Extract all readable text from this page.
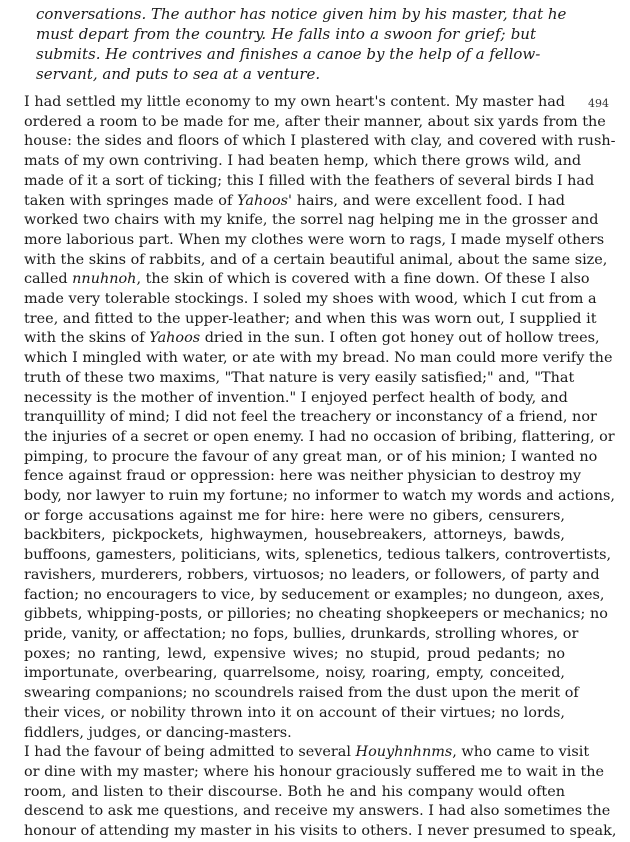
conversations. The author has notice given him by his master, that he
must depart from the country. He falls into a swoon for grief; but
submits. He contrives and finishes a canoe by the help of a fellow-
servant, and puts to sea at a venture.
494
I had settled my little economy to my own heart's content. My master had
ordered a room to be made for me, after their manner, about six yards from the
house: the sides and floors of which I plastered with clay, and covered with rush-
mats of my own contriving. I had beaten hemp, which there grows wild, and
made of it a sort of ticking; this I filled with the feathers of several birds I had
taken with springes made of Yahoos' hairs, and were excellent food. I had
worked two chairs with my knife, the sorrel nag helping me in the grosser and
more laborious part. When my clothes were worn to rags, I made myself others
with the skins of rabbits, and of a certain beautiful animal, about the same size,
called nnuhnoh, the skin of which is covered with a fine down. Of these I also
made very tolerable stockings. I soled my shoes with wood, which I cut from a
tree, and fitted to the upper-leather; and when this was worn out, I supplied it
with the skins of Yahoos dried in the sun. I often got honey out of hollow trees,
which I mingled with water, or ate with my bread. No man could more verify the
truth of these two maxims, "That nature is very easily satisfied;" and, "That
necessity is the mother of invention." I enjoyed perfect health of body, and
tranquillity of mind; I did not feel the treachery or inconstancy of a friend, nor
the injuries of a secret or open enemy. I had no occasion of bribing, flattering, or
pimping, to procure the favour of any great man, or of his minion; I wanted no
fence against fraud or oppression: here was neither physician to destroy my
body, nor lawyer to ruin my fortune; no informer to watch my words and actions,
or forge accusations against me for hire: here were no gibers, censurers,
backbiters, pickpockets, highwaymen, housebreakers, attorneys, bawds,
buffoons, gamesters, politicians, wits, splenetics, tedious talkers, controvertists,
ravishers, murderers, robbers, virtuosos; no leaders, or followers, of party and
faction; no encouragers to vice, by seducement or examples; no dungeon, axes,
gibbets, whipping-posts, or pillories; no cheating shopkeepers or mechanics; no
pride, vanity, or affectation; no fops, bullies, drunkards, strolling whores, or
poxes; no ranting, lewd, expensive wives; no stupid, proud pedants; no
importunate, overbearing, quarrelsome, noisy, roaring, empty, conceited,
swearing companions; no scoundrels raised from the dust upon the merit of
their vices, or nobility thrown into it on account of their virtues; no lords,
fiddlers, judges, or dancing-masters.
I had the favour of being admitted to several Houyhnhnms, who came to visit
or dine with my master; where his honour graciously suffered me to wait in the
room, and listen to their discourse. Both he and his company would often
descend to ask me questions, and receive my answers. I had also sometimes the
honour of attending my master in his visits to others. I never presumed to speak,
